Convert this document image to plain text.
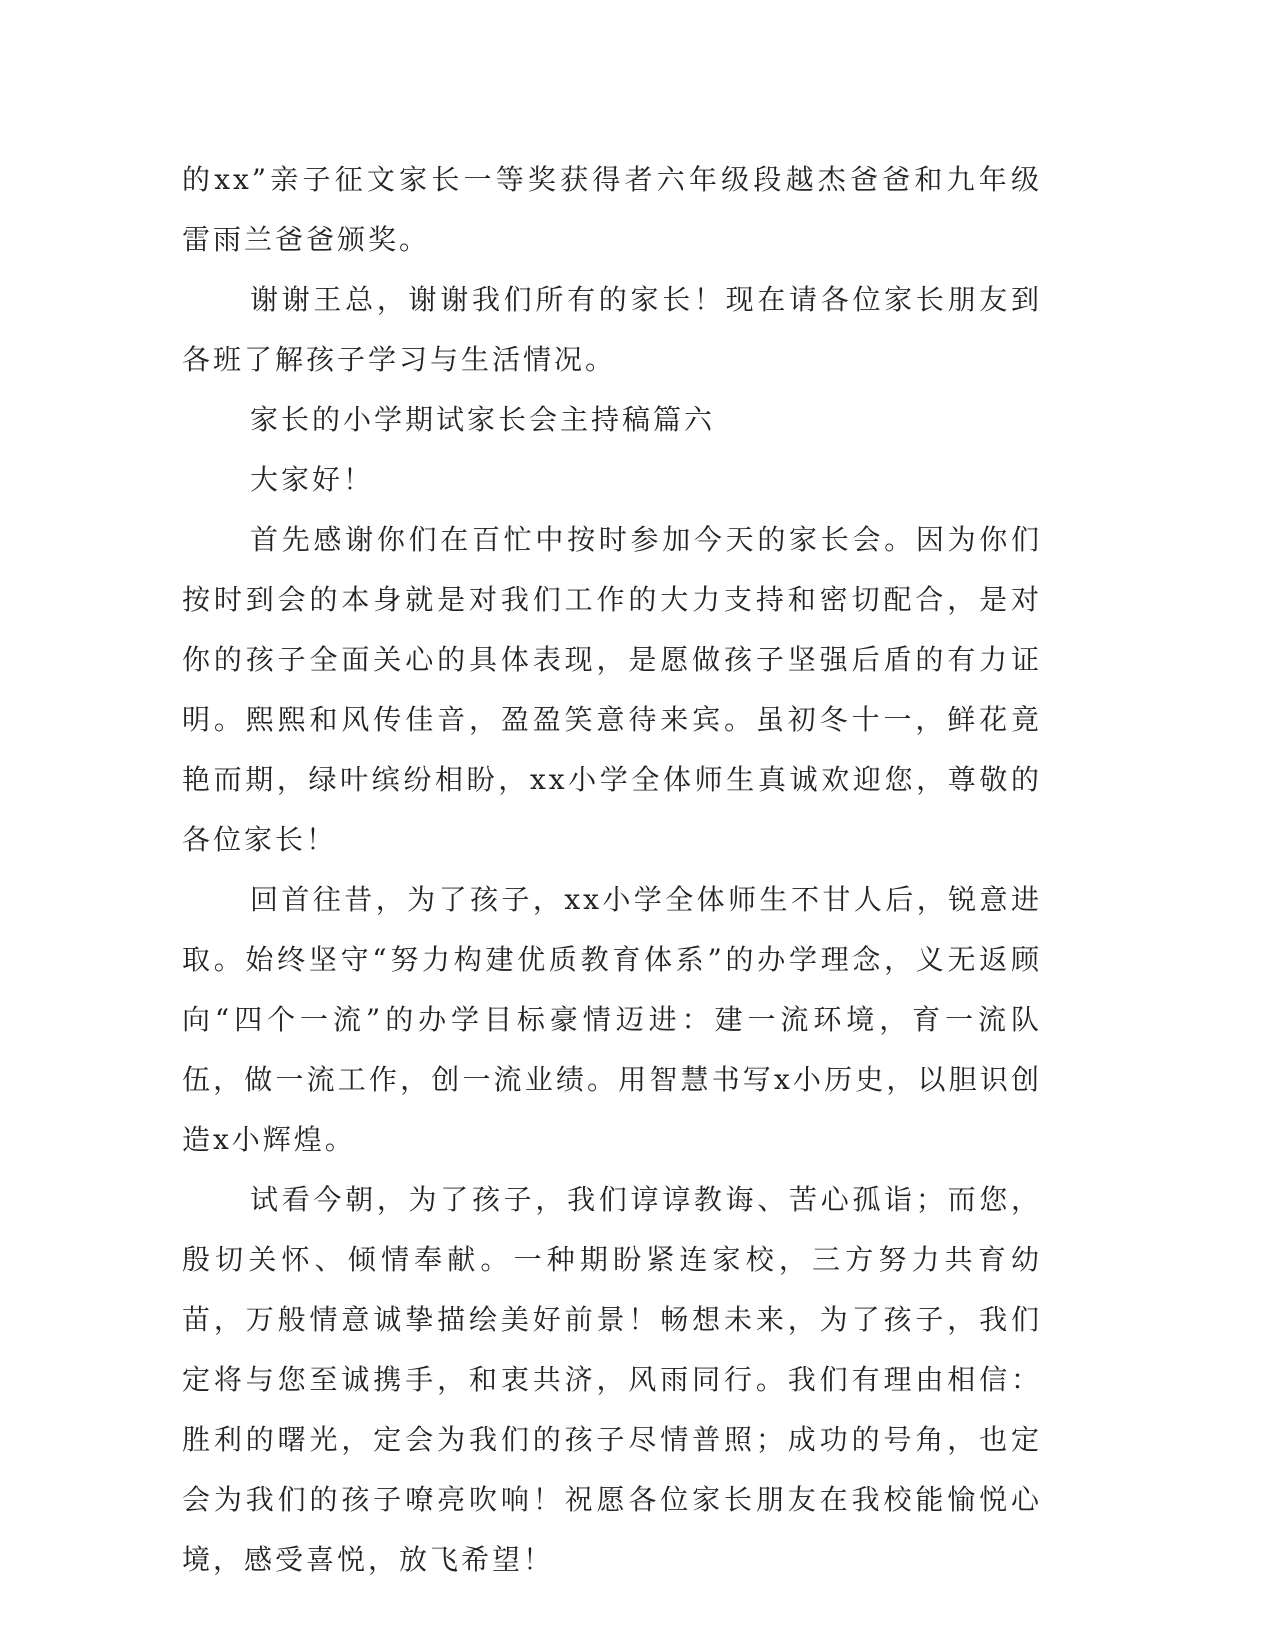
的xx”亲子征文家长一等奖获得者六年级段越杰爸爸和九年级雷雨兰爸爸颁奖。

谢谢王总，谢谢我们所有的家长！现在请各位家长朋友到各班了解孩子学习与生活情况。

家长的小学期试家长会主持稿篇六

大家好！

首先感谢你们在百忙中按时参加今天的家长会。因为你们按时到会的本身就是对我们工作的大力支持和密切配合，是对你的孩子全面关心的具体表现，是愿做孩子坚强后盾的有力证明。熙熙和风传佳音，盈盈笑意待来宾。虽初冬十一，鲜花竟艳而期，绿叶缤纷相盼，xx小学全体师生真诚欢迎您，尊敬的各位家长！

回首往昔，为了孩子，xx小学全体师生不甘人后，锐意进取。始终坚守“努力构建优质教育体系”的办学理念，义无返顾向“四个一流”的办学目标豪情迈进：建一流环境，育一流队伍，做一流工作，创一流业绩。用智慧书写x小历史，以胆识创造x小辉煌。

试看今朝，为了孩子，我们谆谆教诲、苦心孤诣；而您，殷切关怀、倾情奉献。一种期盼紧连家校，三方努力共育幼苗，万般情意诚挚描绘美好前景！畅想未来，为了孩子，我们定将与您至诚携手，和衷共济，风雨同行。我们有理由相信：胜利的曙光，定会为我们的孩子尽情普照；成功的号角，也定会为我们的孩子嘹亮吹响！祝愿各位家长朋友在我校能愉悦心境，感受喜悦，放飞希望！
